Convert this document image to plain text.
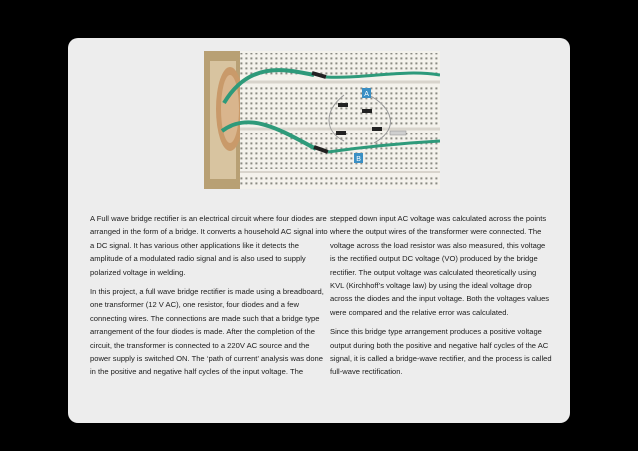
A
B

A Full wave bridge rectifier is an electrical circuit where four diodes are arranged in the form of a bridge. It converts a household AC signal into a DC signal. It has various other applications like it detects the amplitude of a modulated radio signal and is also used to supply polarized voltage in welding.

In this project, a full wave bridge rectifier is made using a breadboard, one transformer (12 V AC), one resistor, four diodes and a few connecting wires. The connections are made such that a bridge type arrangement of the four diodes is made. After the completion of the circuit, the transformer is connected to a 220V AC source and the power supply is switched ON. The ‘path of current’ analysis was done in the positive and negative half cycles of the input voltage. The

stepped down input AC voltage was calculated across the points where the output wires of the transformer were connected. The voltage across the load resistor was also measured, this voltage is the rectified output DC voltage (VO) produced by the bridge rectifier. The output voltage was calculated theoretically using KVL (Kirchhoff’s voltage law) by using the ideal voltage drop across the diodes and the input voltage. Both the voltages values were compared and the relative error was calculated.

Since this bridge type arrangement produces a positive voltage output during both the positive and negative half cycles of the AC signal, it is called a bridge-wave rectifier, and the process is called full-wave rectification.
